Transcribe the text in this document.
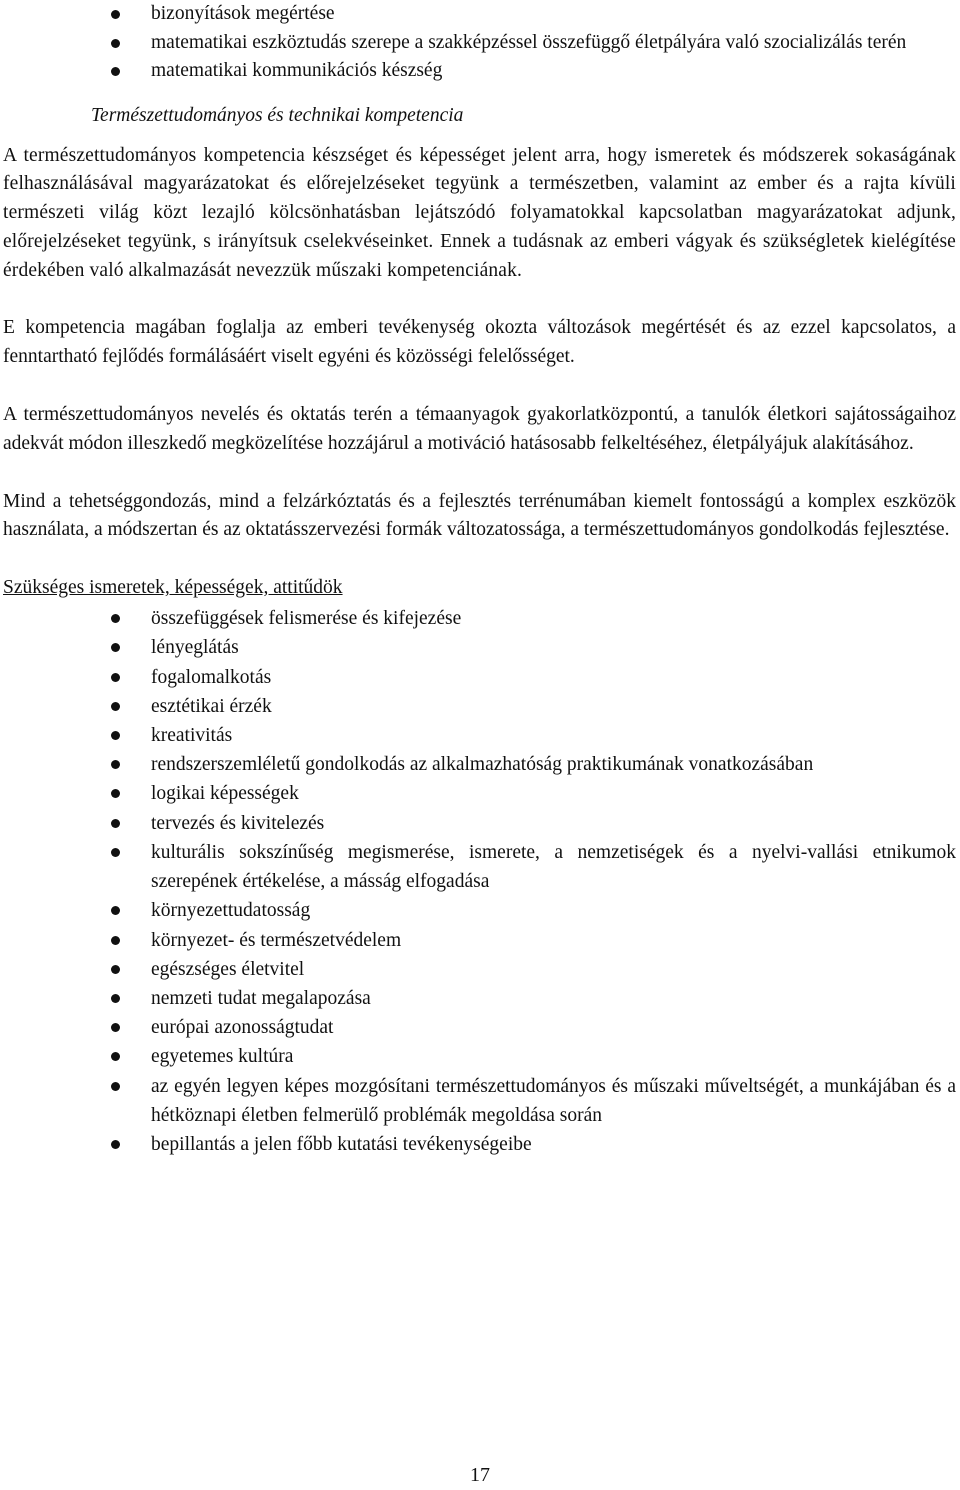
bizonyítások megértése
matematikai eszköztudás szerepe a szakképzéssel összefüggő életpályára való szocializálás terén
matematikai kommunikációs készség
Természettudományos és technikai kompetencia

A természettudományos kompetencia készséget és képességet jelent arra, hogy ismeretek és módszerek sokaságának felhasználásával magyarázatokat és előrejelzéseket tegyünk a természetben, valamint az ember és a rajta kívüli természeti világ közt lezajló kölcsönhatásban lejátszódó folyamatokkal kapcsolatban magyarázatokat adjunk, előrejelzéseket tegyünk, s irányítsuk cselekvéseinket. Ennek a tudásnak az emberi vágyak és szükségletek kielégítése érdekében való alkalmazását nevezzük műszaki kompetenciának.

E kompetencia magában foglalja az emberi tevékenység okozta változások megértését és az ezzel kapcsolatos, a fenntartható fejlődés formálásáért viselt egyéni és közösségi felelősséget.

A természettudományos nevelés és oktatás terén a témaanyagok gyakorlatközpontú, a tanulók életkori sajátosságaihoz adekvát módon illeszkedő megközelítése hozzájárul a motiváció hatásosabb felkeltéséhez, életpályájuk alakításához.

Mind a tehetséggondozás, mind a felzárkóztatás és a fejlesztés terrénumában kiemelt fontosságú a komplex eszközök használata, a módszertan és az oktatásszervezési formák változatossága, a természettudományos gondolkodás fejlesztése.

Szükséges ismeretek, képességek, attitűdök
összefüggések felismerése és kifejezése
lényeglátás
fogalomalkotás
esztétikai érzék
kreativitás
rendszerszemléletű gondolkodás az alkalmazhatóság praktikumának vonatkozásában
logikai képességek
tervezés és kivitelezés
kulturális sokszínűség megismerése, ismerete, a nemzetiségek és a nyelvi-vallási etnikumok szerepének értékelése, a másság elfogadása
környezettudatosság
környezet- és természetvédelem
egészséges életvitel
nemzeti tudat megalapozása
európai azonosságtudat
egyetemes kultúra
az egyén legyen képes mozgósítani természettudományos és műszaki műveltségét, a munkájában és a hétköznapi életben felmerülő problémák megoldása során
bepillantás a jelen főbb kutatási tevékenységeibe
17
